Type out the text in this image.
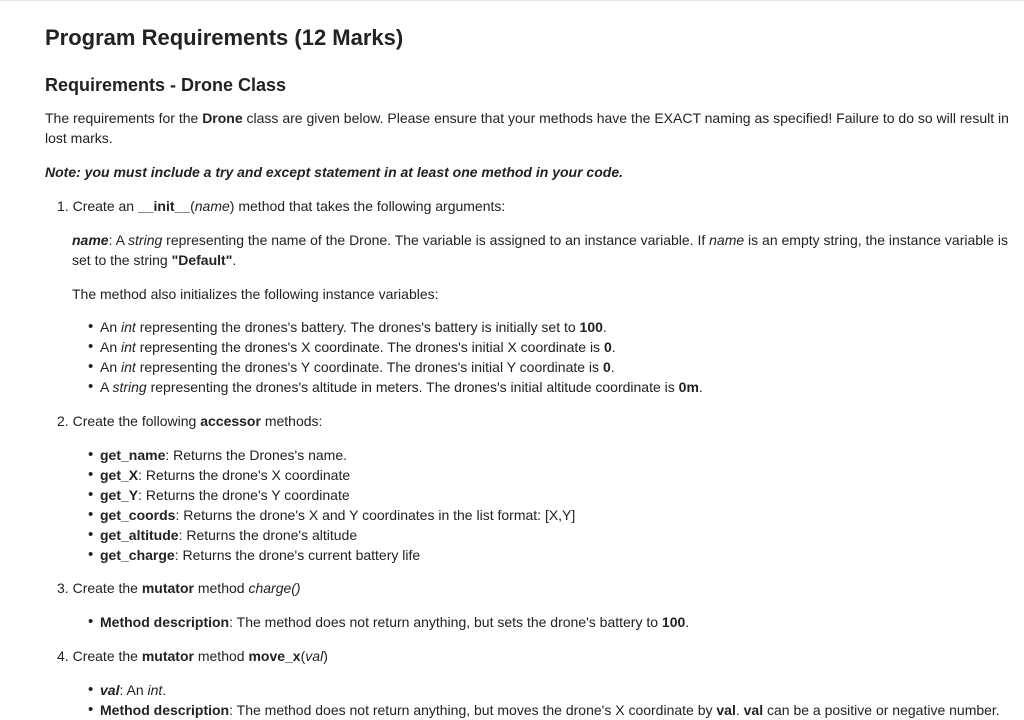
Program Requirements (12 Marks)
Requirements - Drone Class

The requirements for the Drone class are given below. Please ensure that your methods have the EXACT naming as specified! Failure to do so will result in lost marks.

Note: you must include a try and except statement in at least one method in your code.

1. Create an __init__(name) method that takes the following arguments:
name: A string representing the name of the Drone. The variable is assigned to an instance variable. If name is an empty string, the instance variable is set to the string "Default".
The method also initializes the following instance variables:
• An int representing the drones's battery. The drones's battery is initially set to 100.
• An int representing the drones's X coordinate. The drones's initial X coordinate is 0.
• An int representing the drones's Y coordinate. The drones's initial Y coordinate is 0.
• A string representing the drones's altitude in meters. The drones's initial altitude coordinate is 0m.
2. Create the following accessor methods:
• get_name: Returns the Drones's name.
• get_X: Returns the drone's X coordinate
• get_Y: Returns the drone's Y coordinate
• get_coords: Returns the drone's X and Y coordinates in the list format: [X,Y]
• get_altitude: Returns the drone's altitude
• get_charge: Returns the drone's current battery life
3. Create the mutator method charge()
• Method description: The method does not return anything, but sets the drone's battery to 100.
4. Create the mutator method move_x(val)
• val: An int.
• Method description: The method does not return anything, but moves the drone's X coordinate by val. val can be a positive or negative number.
